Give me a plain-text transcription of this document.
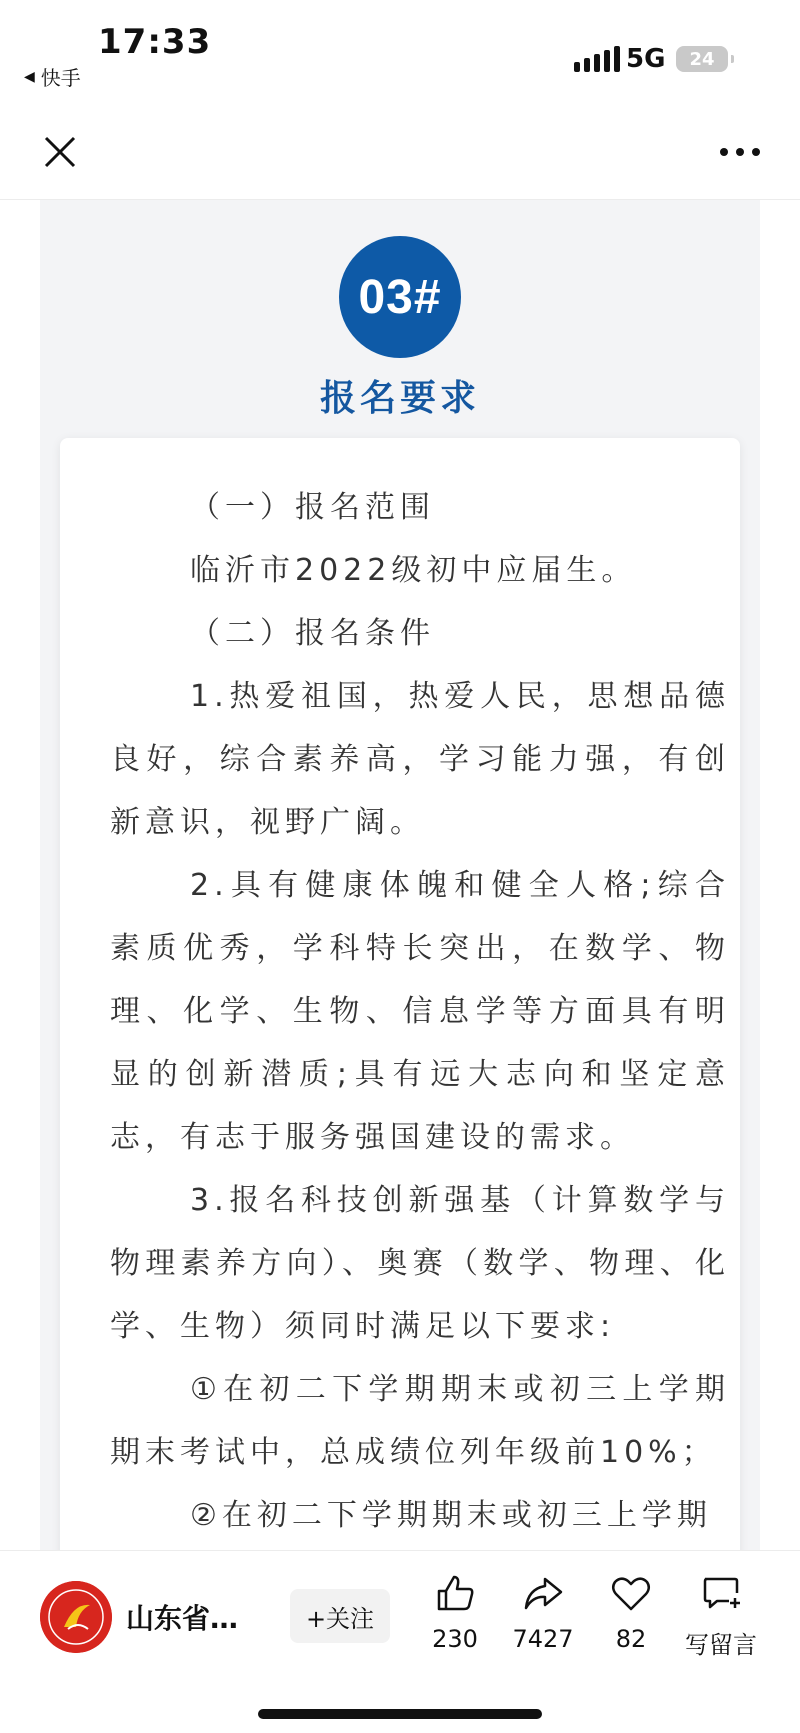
17:33
◀ 快手
5G 24
03#
报名要求
（一）报名范围
临沂市2022级初中应届生。
（二）报名条件
1.热爱祖国，热爱人民，思想品德良好，综合素养高，学习能力强，有创新意识，视野广阔。
2.具有健康体魄和健全人格;综合素质优秀，学科特长突出，在数学、物理、化学、生物、信息学等方面具有明显的创新潜质;具有远大志向和坚定意志，有志于服务强国建设的需求。
3.报名科技创新强基（计算数学与物理素养方向）、奥赛（数学、物理、化学、生物）须同时满足以下要求:
①在初二下学期期末或初三上学期期末考试中，总成绩位列年级前10%；
②在初二下学期期末或初三上学期
山东省…	+关注
230 7427 82 写留言
